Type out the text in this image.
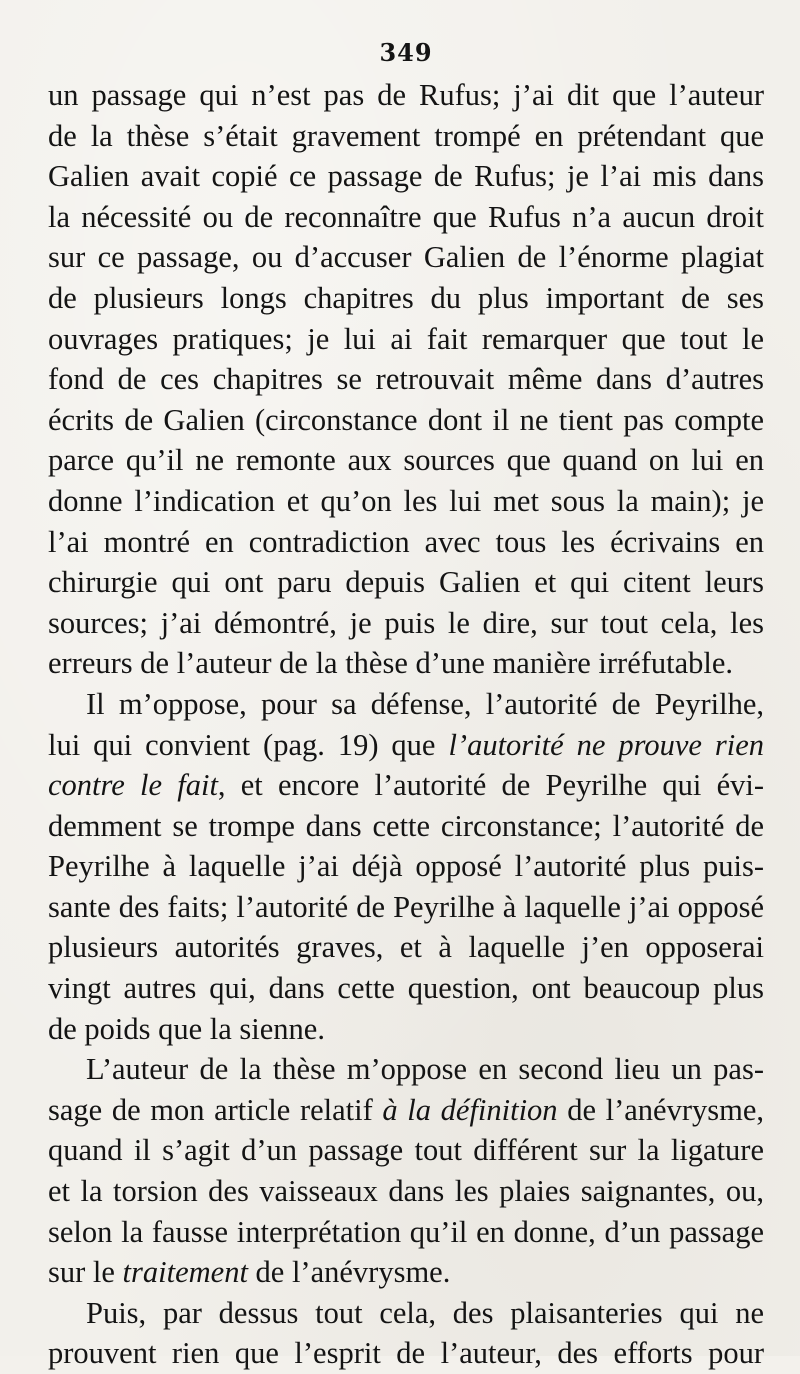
349
un passage qui n’est pas de Rufus; j’ai dit que l’auteur
de la thèse s’était gravement trompé en prétendant que
Galien avait copié ce passage de Rufus; je l’ai mis dans
la nécessité ou de reconnaître que Rufus n’a aucun droit
sur ce passage, ou d’accuser Galien de l’énorme plagiat
de plusieurs longs chapitres du plus important de ses
ouvrages pratiques; je lui ai fait remarquer que tout le
fond de ces chapitres se retrouvait même dans d’autres
écrits de Galien (circonstance dont il ne tient pas compte
parce qu’il ne remonte aux sources que quand on lui en
donne l’indication et qu’on les lui met sous la main); je
l’ai montré en contradiction avec tous les écrivains en
chirurgie qui ont paru depuis Galien et qui citent leurs
sources; j’ai démontré, je puis le dire, sur tout cela, les
erreurs de l’auteur de la thèse d’une manière irréfutable.
Il m’oppose, pour sa défense, l’autorité de Peyrilhe,
lui qui convient (pag. 19) que l’autorité ne prouve rien
contre le fait, et encore l’autorité de Peyrilhe qui évi-
demment se trompe dans cette circonstance; l’autorité de
Peyrilhe à laquelle j’ai déjà opposé l’autorité plus puis-
sante des faits; l’autorité de Peyrilhe à laquelle j’ai opposé
plusieurs autorités graves, et à laquelle j’en opposerai
vingt autres qui, dans cette question, ont beaucoup plus
de poids que la sienne.
L’auteur de la thèse m’oppose en second lieu un pas-
sage de mon article relatif à la définition de l’anévrysme,
quand il s’agit d’un passage tout différent sur la ligature
et la torsion des vaisseaux dans les plaies saignantes, ou,
selon la fausse interprétation qu’il en donne, d’un passage
sur le traitement de l’anévrysme.
Puis, par dessus tout cela, des plaisanteries qui ne
prouvent rien que l’esprit de l’auteur, des efforts pour
